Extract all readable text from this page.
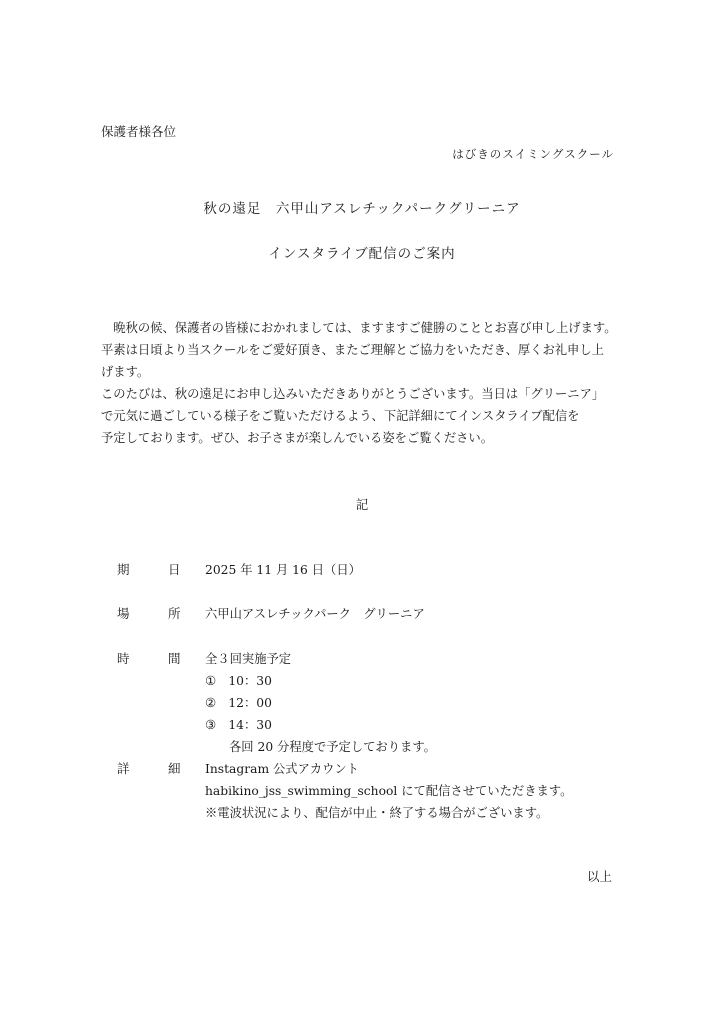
保護者様各位
はびきのスイミングスクール
秋の遠足　六甲山アスレチックパークグリーニア
インスタライブ配信のご案内
　晩秋の候、保護者の皆様におかれましては、ますますご健勝のこととお喜び申し上げます。
平素は日頃より当スクールをご愛好頂き、またご理解とご協力をいただき、厚くお礼申し上
げます。
このたびは、秋の遠足にお申し込みいただきありがとうございます。当日は「グリーニア」
で元気に過ごしている様子をご覧いただけるよう、下記詳細にてインスタライブ配信を
予定しております。ぜひ、お子さまが楽しんでいる姿をご覧ください。
記
期	日 2025 年 11 月 16 日（日）
場	所 六甲山アスレチックパーク　グリーニア
時	間 全３回実施予定
①　10：30
②　12：00
③　14：30
各回 20 分程度で予定しております。
詳	細 Instagram 公式アカウント
habikino_jss_swimming_school にて配信させていただきます。
※電波状況により、配信が中止・終了する場合がございます。
以上
